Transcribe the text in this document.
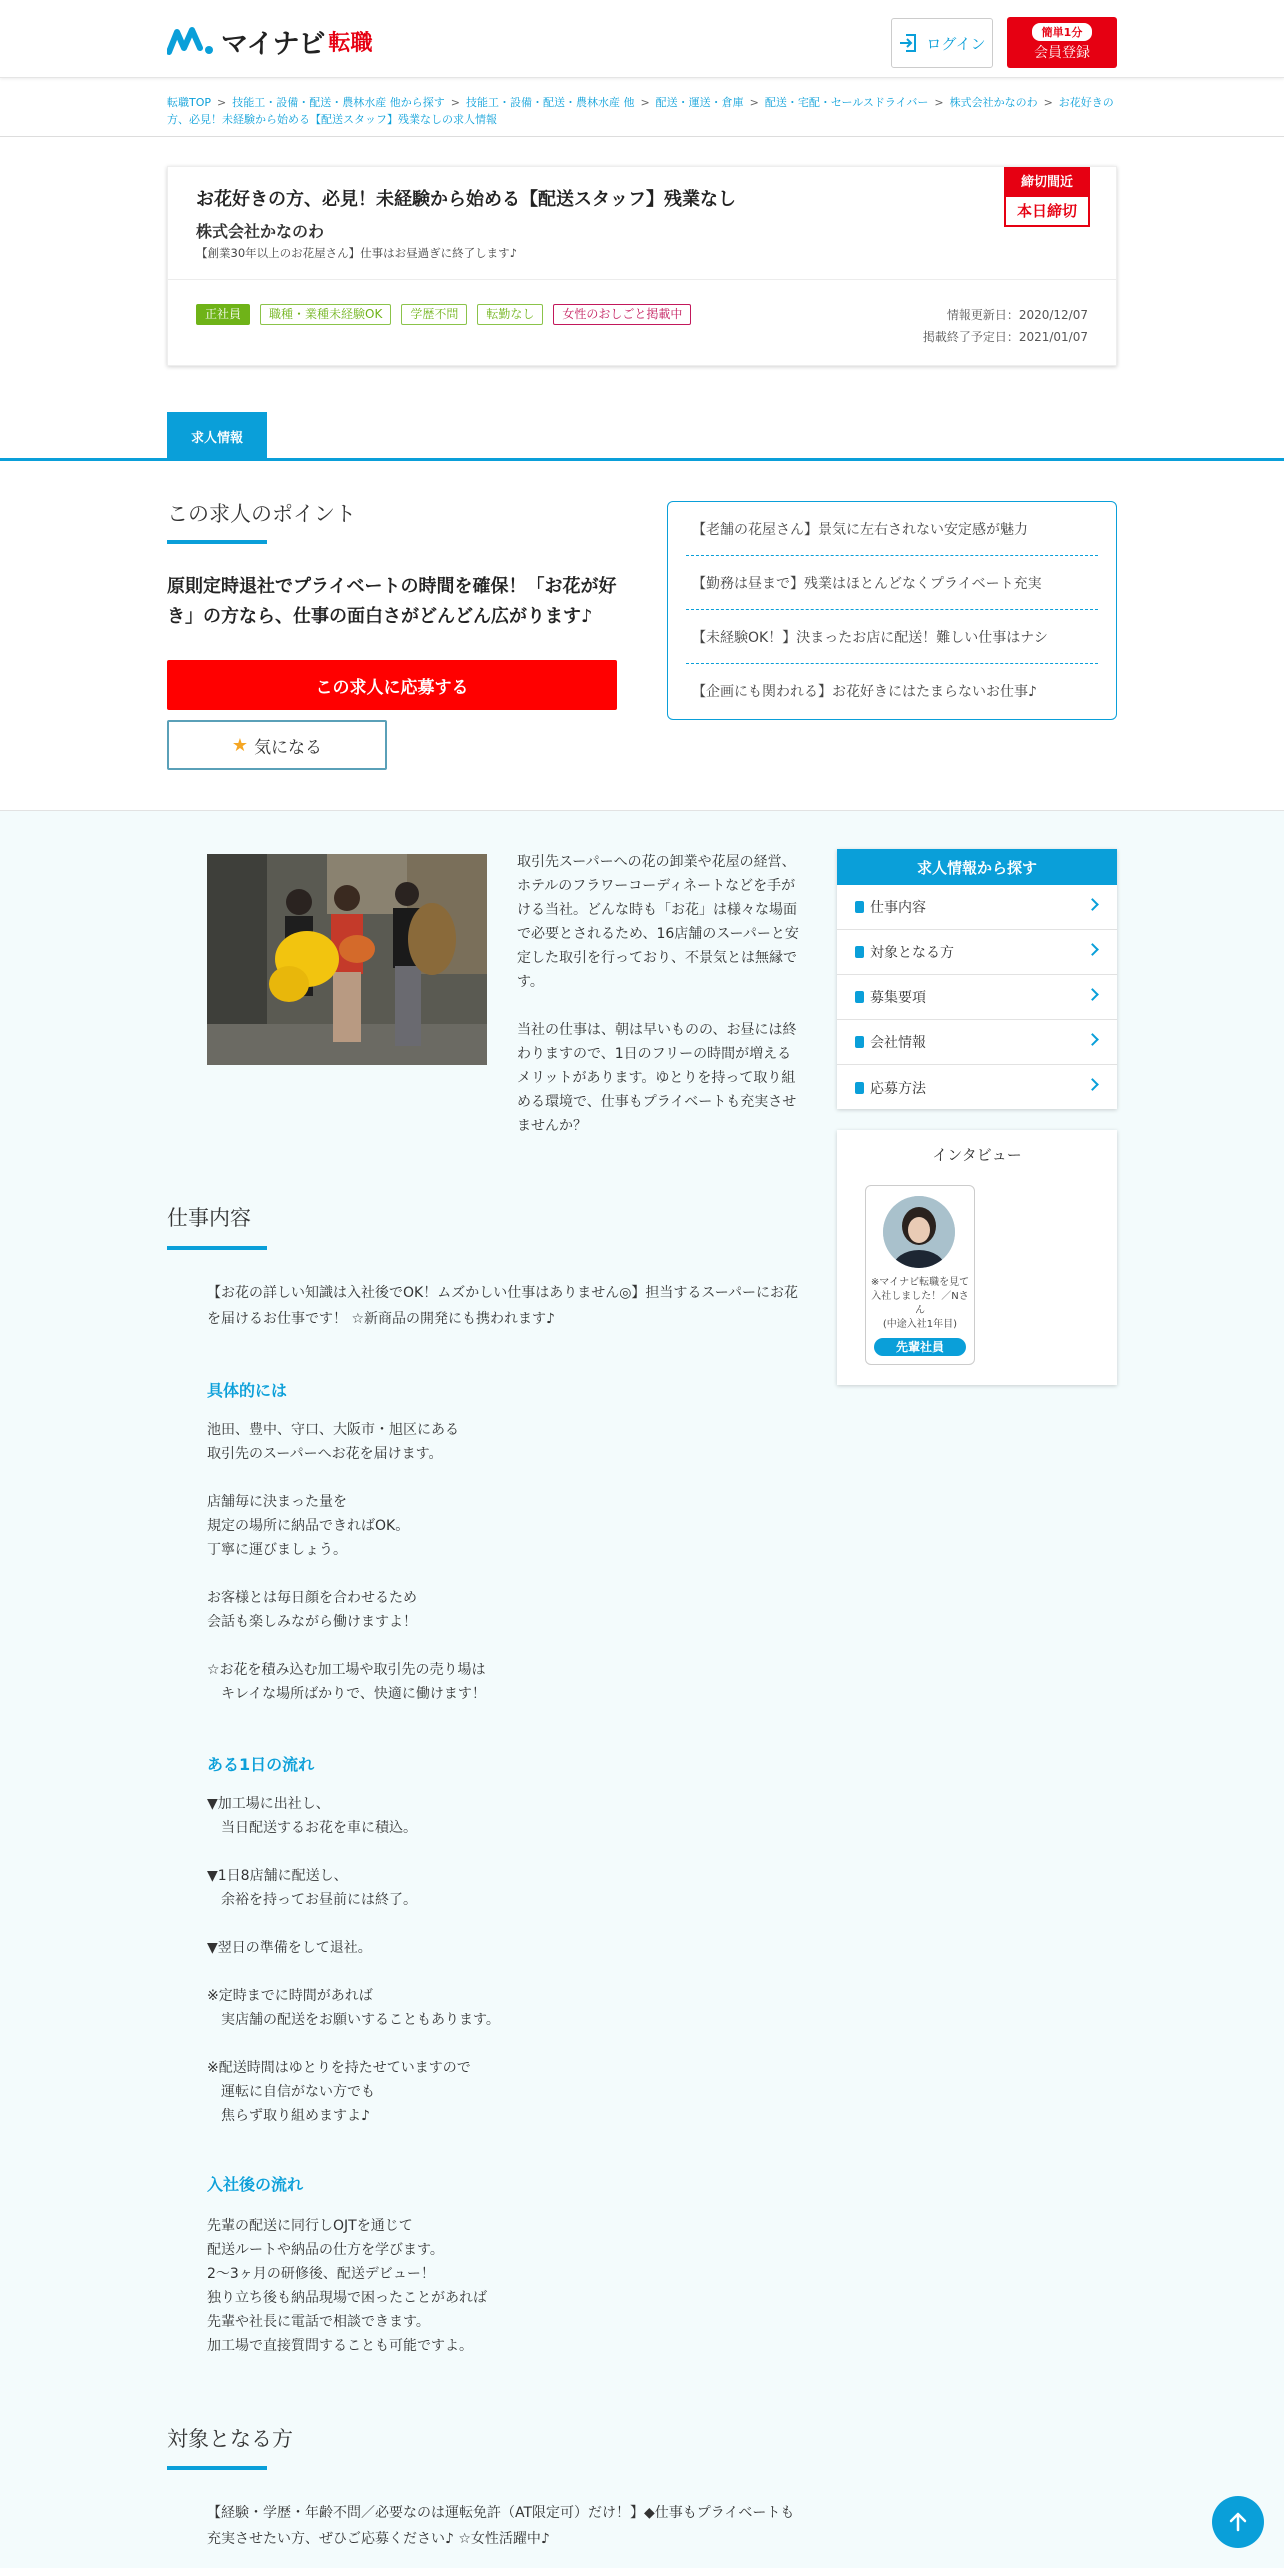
マイナビ 転職	ログイン
簡単1分
会員登録
転職TOP > 技能工・設備・配送・農林水産 他から探す > 技能工・設備・配送・農林水産 他 > 配送・運送・倉庫 > 配送・宅配・セールスドライバー > 株式会社かなのわ > お花好きの方、必見！未経験から始める【配送スタッフ】残業なしの求人情報
お花好きの方、必見！未経験から始める【配送スタッフ】残業なし
株式会社かなのわ
【創業30年以上のお花屋さん】仕事はお昼過ぎに終了します♪
締切間近
本日締切
正社員	職種・業種未経験OK	学歴不問	転勤なし	女性のおしごと掲載中	情報更新日：2020/12/07
掲載終了予定日：2021/01/07
求人情報
この求人のポイント
原則定時退社でプライベートの時間を確保！「お花が好き」の方なら、仕事の面白さがどんどん広がります♪
この求人に応募する
★ 気になる
【老舗の花屋さん】景気に左右されない安定感が魅力
【勤務は昼まで】残業はほとんどなくプライベート充実
【未経験OK！】決まったお店に配送！難しい仕事はナシ
【企画にも関われる】お花好きにはたまらないお仕事♪

取引先スーパーへの花の卸業や花屋の経営、ホテルのフラワーコーディネートなどを手がける当社。どんな時も「お花」は様々な場面で必要とされるため、16店舗のスーパーと安定した取引を行っており、不景気とは無縁です。

当社の仕事は、朝は早いものの、お昼には終わりますので、1日のフリーの時間が増えるメリットがあります。ゆとりを持って取り組める環境で、仕事もプライベートも充実させませんか？

求人情報から探す
仕事内容
対象となる方
募集要項
会社情報
応募方法
インタビュー
※マイナビ転職を見て入社しました！／Nさん
(中途入社1年目)
先輩社員
仕事内容
【お花の詳しい知識は入社後でOK！ムズかしい仕事はありません◎】担当するスーパーにお花を届けるお仕事です！ ☆新商品の開発にも携われます♪
具体的には
池田、豊中、守口、大阪市・旭区にある
取引先のスーパーへお花を届けます。

店舗毎に決まった量を
規定の場所に納品できればOK。
丁寧に運びましょう。

お客様とは毎日顔を合わせるため
会話も楽しみながら働けますよ！

☆お花を積み込む加工場や取引先の売り場は
　キレイな場所ばかりで、快適に働けます！
ある1日の流れ
▼加工場に出社し、
　当日配送するお花を車に積込。

▼1日8店舗に配送し、
　余裕を持ってお昼前には終了。

▼翌日の準備をして退社。

※定時までに時間があれば
　実店舗の配送をお願いすることもあります。

※配送時間はゆとりを持たせていますので
　運転に自信がない方でも
　焦らず取り組めますよ♪
入社後の流れ
先輩の配送に同行しOJTを通じて
配送ルートや納品の仕方を学びます。
2～3ヶ月の研修後、配送デビュー！
独り立ち後も納品現場で困ったことがあれば
先輩や社長に電話で相談できます。
加工場で直接質問することも可能ですよ。
対象となる方
【経験・学歴・年齢不問／必要なのは運転免許（AT限定可）だけ！】◆仕事もプライベートも充実させたい方、ぜひご応募ください♪ ☆女性活躍中♪
